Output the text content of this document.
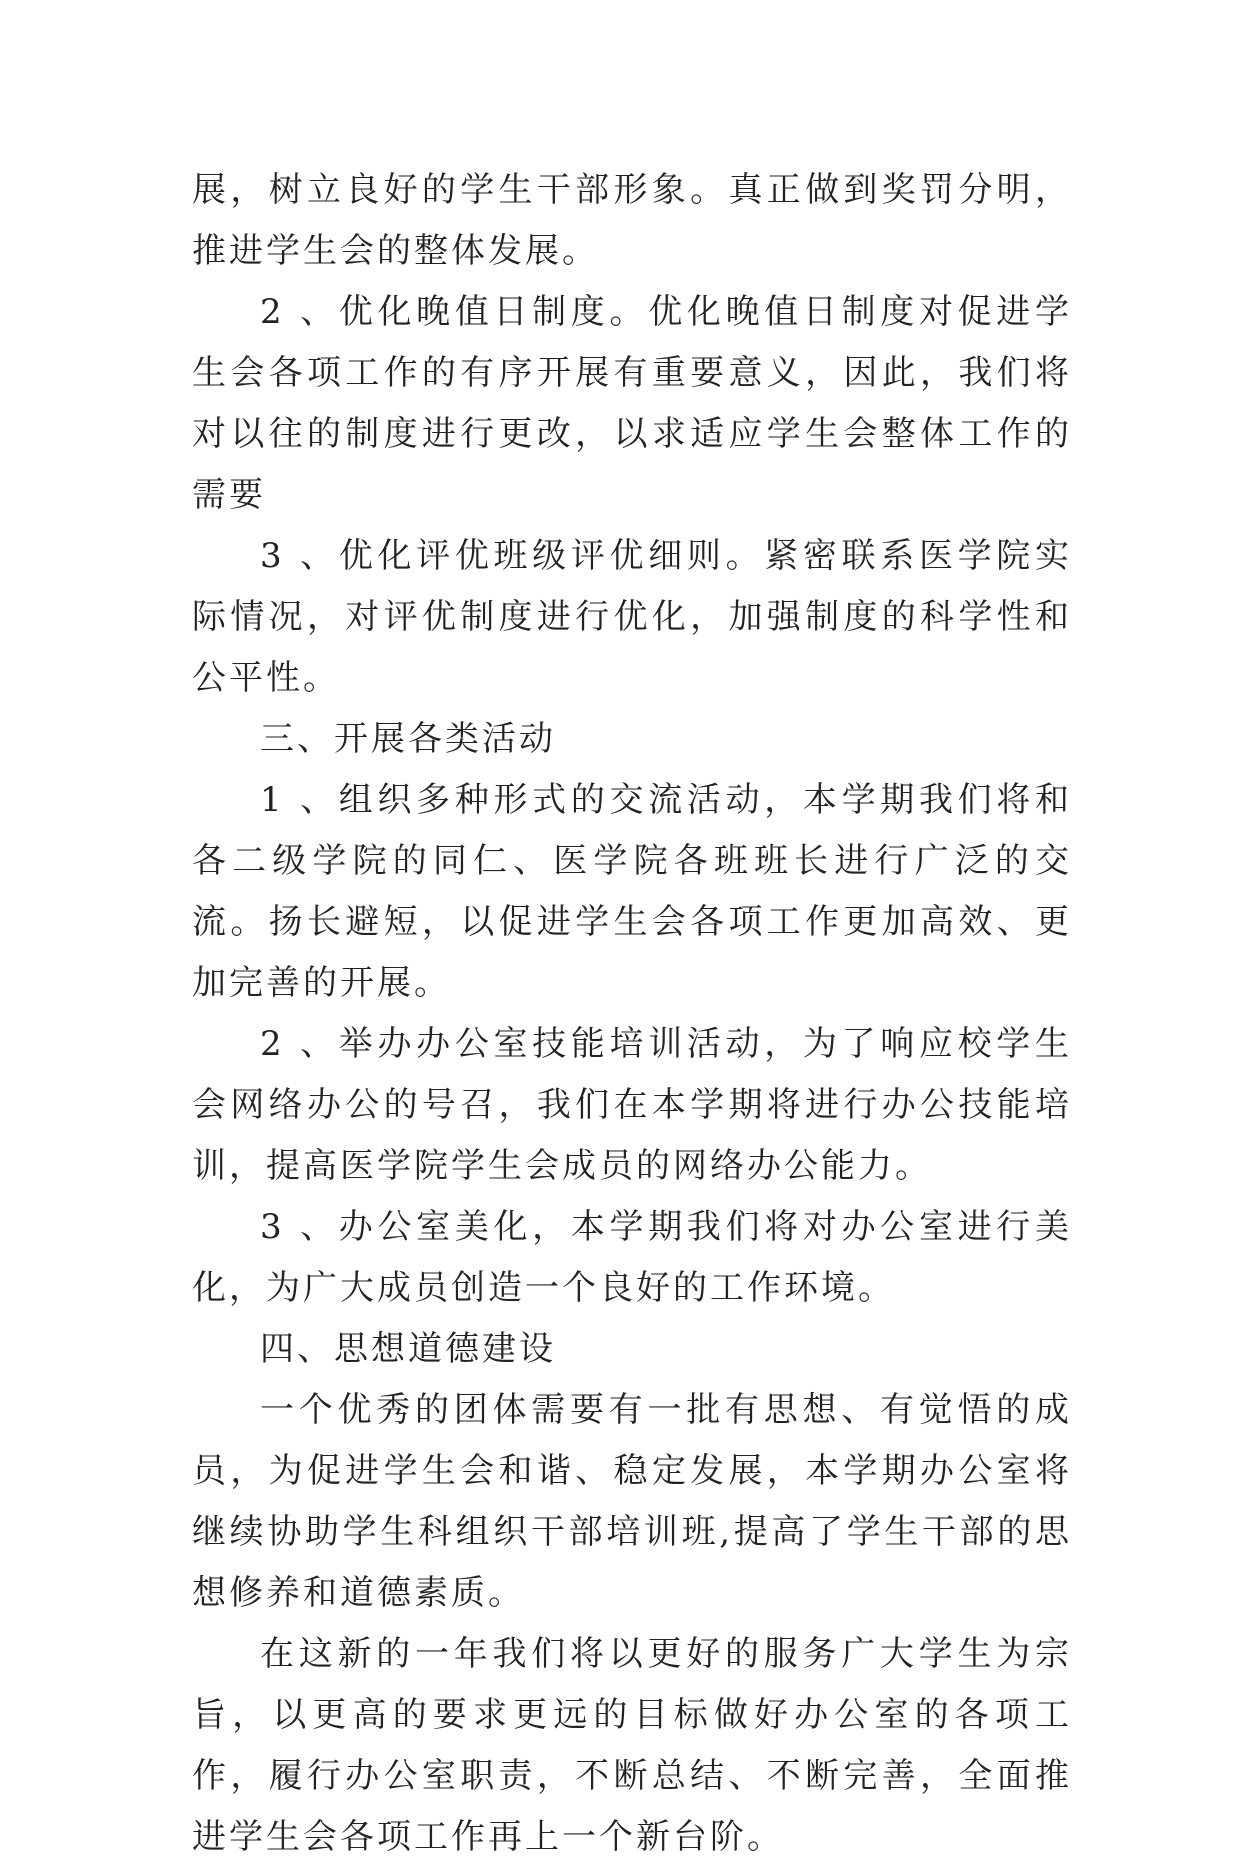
展，树立良好的学生干部形象。真正做到奖罚分明，推进学生会的整体发展。

2 、优化晚值日制度。优化晚值日制度对促进学生会各项工作的有序开展有重要意义，因此，我们将对以往的制度进行更改，以求适应学生会整体工作的需要

3 、优化评优班级评优细则。紧密联系医学院实际情况，对评优制度进行优化，加强制度的科学性和公平性。

三、开展各类活动

1 、组织多种形式的交流活动，本学期我们将和各二级学院的同仁、医学院各班班长进行广泛的交流。扬长避短，以促进学生会各项工作更加高效、更加完善的开展。

2 、举办办公室技能培训活动，为了响应校学生会网络办公的号召，我们在本学期将进行办公技能培训，提高医学院学生会成员的网络办公能力。

3 、办公室美化，本学期我们将对办公室进行美化，为广大成员创造一个良好的工作环境。

四、思想道德建设

一个优秀的团体需要有一批有思想、有觉悟的成员，为促进学生会和谐、稳定发展，本学期办公室将继续协助学生科组织干部培训班,提高了学生干部的思想修养和道德素质。

在这新的一年我们将以更好的服务广大学生为宗旨，以更高的要求更远的目标做好办公室的各项工作，履行办公室职责，不断总结、不断完善，全面推进学生会各项工作再上一个新台阶。
